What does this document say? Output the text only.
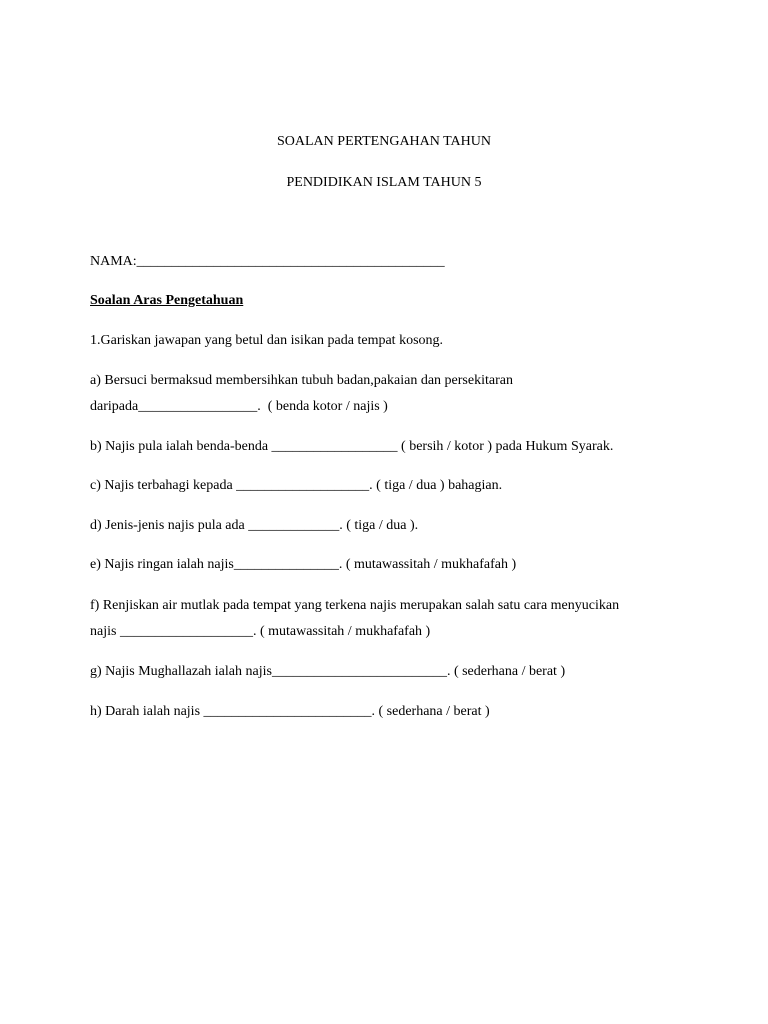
SOALAN PERTENGAHAN TAHUN
PENDIDIKAN ISLAM TAHUN 5
NAMA:____________________________________________
Soalan Aras Pengetahuan
1.Gariskan jawapan yang betul dan isikan pada tempat kosong.
a) Bersuci bermaksud membersihkan tubuh badan,pakaian dan persekitaran
daripada_________________.  ( benda kotor / najis )
b) Najis pula ialah benda-benda __________________ ( bersih / kotor ) pada Hukum Syarak.
c) Najis terbahagi kepada ___________________. ( tiga / dua ) bahagian.
d) Jenis-jenis najis pula ada _____________. ( tiga / dua ).
e) Najis ringan ialah najis_______________. ( mutawassitah / mukhafafah )
f) Renjiskan air mutlak pada tempat yang terkena najis merupakan salah satu cara menyucikan
najis ___________________. ( mutawassitah / mukhafafah )
g) Najis Mughallazah ialah najis_________________________. ( sederhana / berat )
h) Darah ialah najis ________________________. ( sederhana / berat )
